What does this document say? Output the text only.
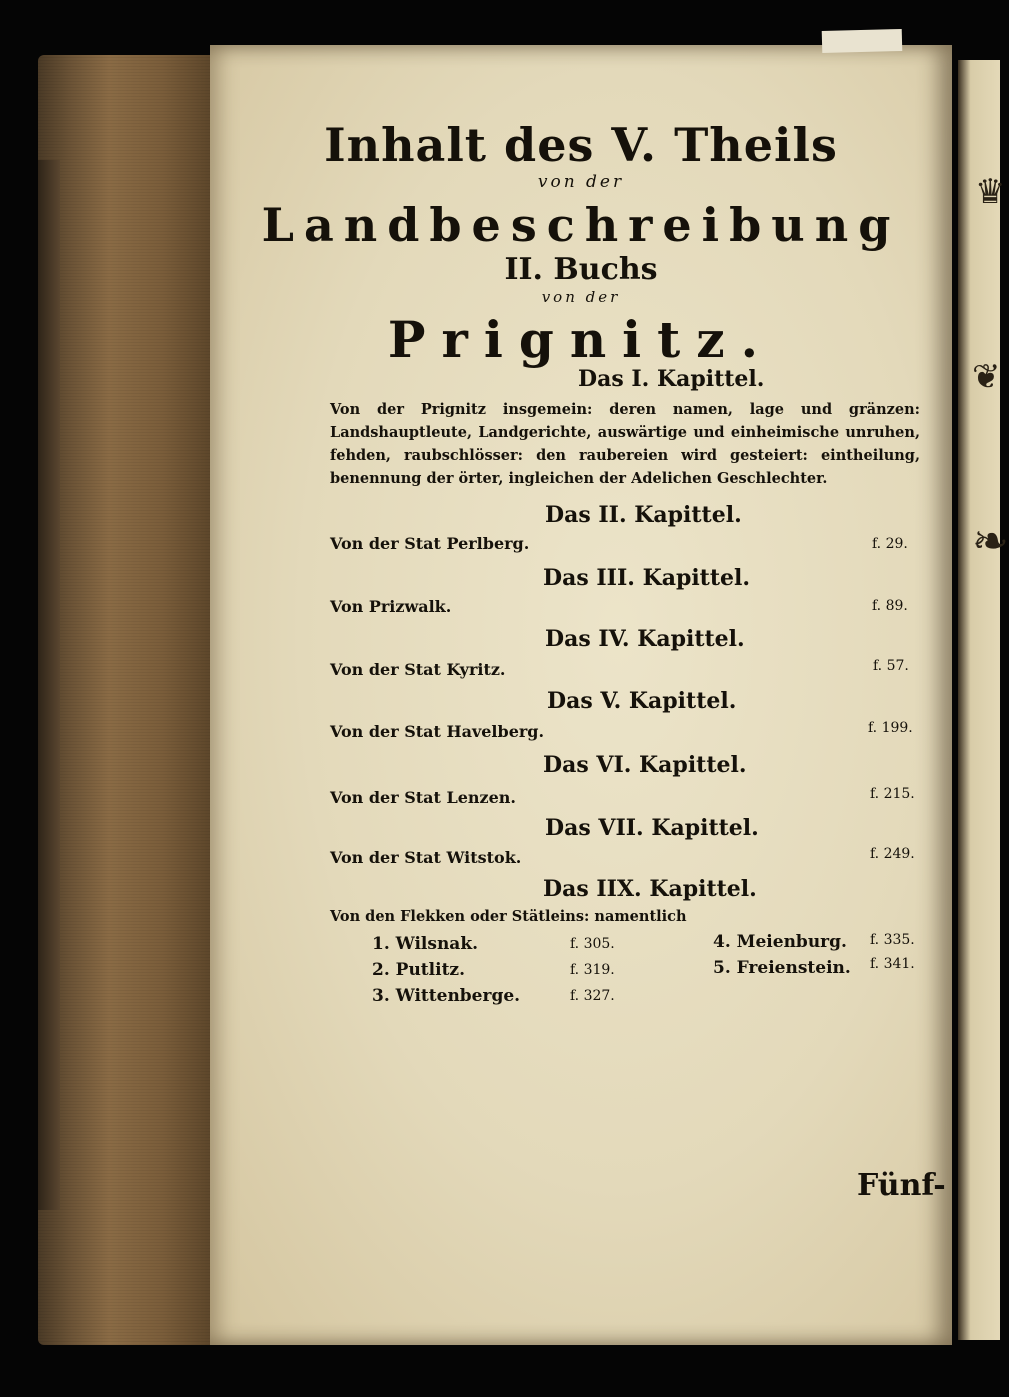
♛
❦
❧
Inhalt des V. Theils
von der
Landbeschreibung
II. Buchs
von der
Prignitz.
Das I. Kapittel.
Von der Prignitz insgemein: deren namen, lage und gränzen: Landshauptleute, Landgerichte, auswärtige und einheimische unruhen, fehden, raubschlösser: den raubereien wird gesteiert: eintheilung, benennung der örter, ingleichen der Adelichen Geschlechter.
Das II. Kapittel.
Von der Stat Perlberg.	f. 29.
Das III. Kapittel.
Von Prizwalk.	f. 89.
Das IV. Kapittel.
Von der Stat Kyritz.	f. 57.
Das V. Kapittel.
Von der Stat Havelberg.	f. 199.
Das VI. Kapittel.
Von der Stat Lenzen.	f. 215.
Das VII. Kapittel.
Von der Stat Witstok.	f. 249.
Das IIX. Kapittel.
Von den Flekken oder Stätleins: namentlich
1. Wilsnak.	f. 305.
2. Putlitz.	f. 319.
3. Wittenberge.	f. 327.
4. Meienburg. f. 335.
5. Freienstein. f. 341.
Fünf-
